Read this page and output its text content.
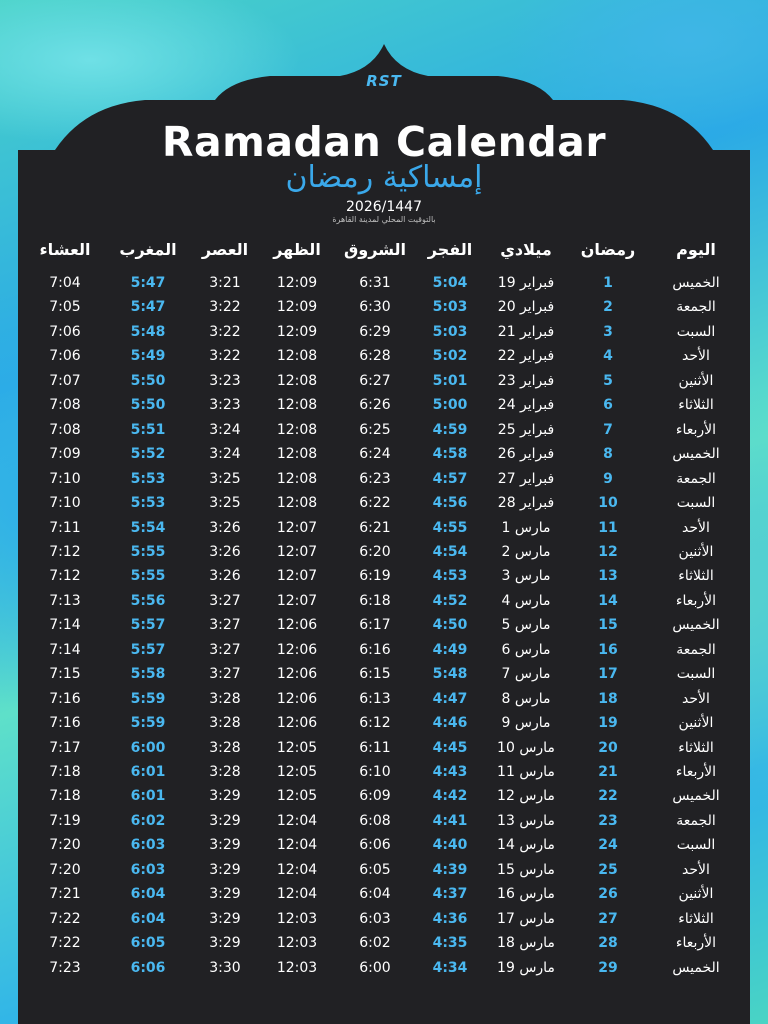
RST
Ramadan Calendar
إمساكية رمضان
2026/1447
بالتوقيت المحلي لمدينة القاهرة
اليوم
رمضان
ميلادي
الفجر
الشروق
الظهر
العصر
المغرب
العشاء
الخميس
1
19 فبراير
5:04
6:31
12:09
3:21
5:47
7:04
الجمعة
2
20 فبراير
5:03
6:30
12:09
3:22
5:47
7:05
السبت
3
21 فبراير
5:03
6:29
12:09
3:22
5:48
7:06
الأحد
4
22 فبراير
5:02
6:28
12:08
3:22
5:49
7:06
الأثنين
5
23 فبراير
5:01
6:27
12:08
3:23
5:50
7:07
الثلاثاء
6
24 فبراير
5:00
6:26
12:08
3:23
5:50
7:08
الأربعاء
7
25 فبراير
4:59
6:25
12:08
3:24
5:51
7:08
الخميس
8
26 فبراير
4:58
6:24
12:08
3:24
5:52
7:09
الجمعة
9
27 فبراير
4:57
6:23
12:08
3:25
5:53
7:10
السبت
10
28 فبراير
4:56
6:22
12:08
3:25
5:53
7:10
الأحد
11
1 مارس
4:55
6:21
12:07
3:26
5:54
7:11
الأثنين
12
2 مارس
4:54
6:20
12:07
3:26
5:55
7:12
الثلاثاء
13
3 مارس
4:53
6:19
12:07
3:26
5:55
7:12
الأربعاء
14
4 مارس
4:52
6:18
12:07
3:27
5:56
7:13
الخميس
15
5 مارس
4:50
6:17
12:06
3:27
5:57
7:14
الجمعة
16
6 مارس
4:49
6:16
12:06
3:27
5:57
7:14
السبت
17
7 مارس
5:48
6:15
12:06
3:27
5:58
7:15
الأحد
18
8 مارس
4:47
6:13
12:06
3:28
5:59
7:16
الأثنين
19
9 مارس
4:46
6:12
12:06
3:28
5:59
7:16
الثلاثاء
20
10 مارس
4:45
6:11
12:05
3:28
6:00
7:17
الأربعاء
21
11 مارس
4:43
6:10
12:05
3:28
6:01
7:18
الخميس
22
12 مارس
4:42
6:09
12:05
3:29
6:01
7:18
الجمعة
23
13 مارس
4:41
6:08
12:04
3:29
6:02
7:19
السبت
24
14 مارس
4:40
6:06
12:04
3:29
6:03
7:20
الأحد
25
15 مارس
4:39
6:05
12:04
3:29
6:03
7:20
الأثنين
26
16 مارس
4:37
6:04
12:04
3:29
6:04
7:21
الثلاثاء
27
17 مارس
4:36
6:03
12:03
3:29
6:04
7:22
الأربعاء
28
18 مارس
4:35
6:02
12:03
3:29
6:05
7:22
الخميس
29
19 مارس
4:34
6:00
12:03
3:30
6:06
7:23
